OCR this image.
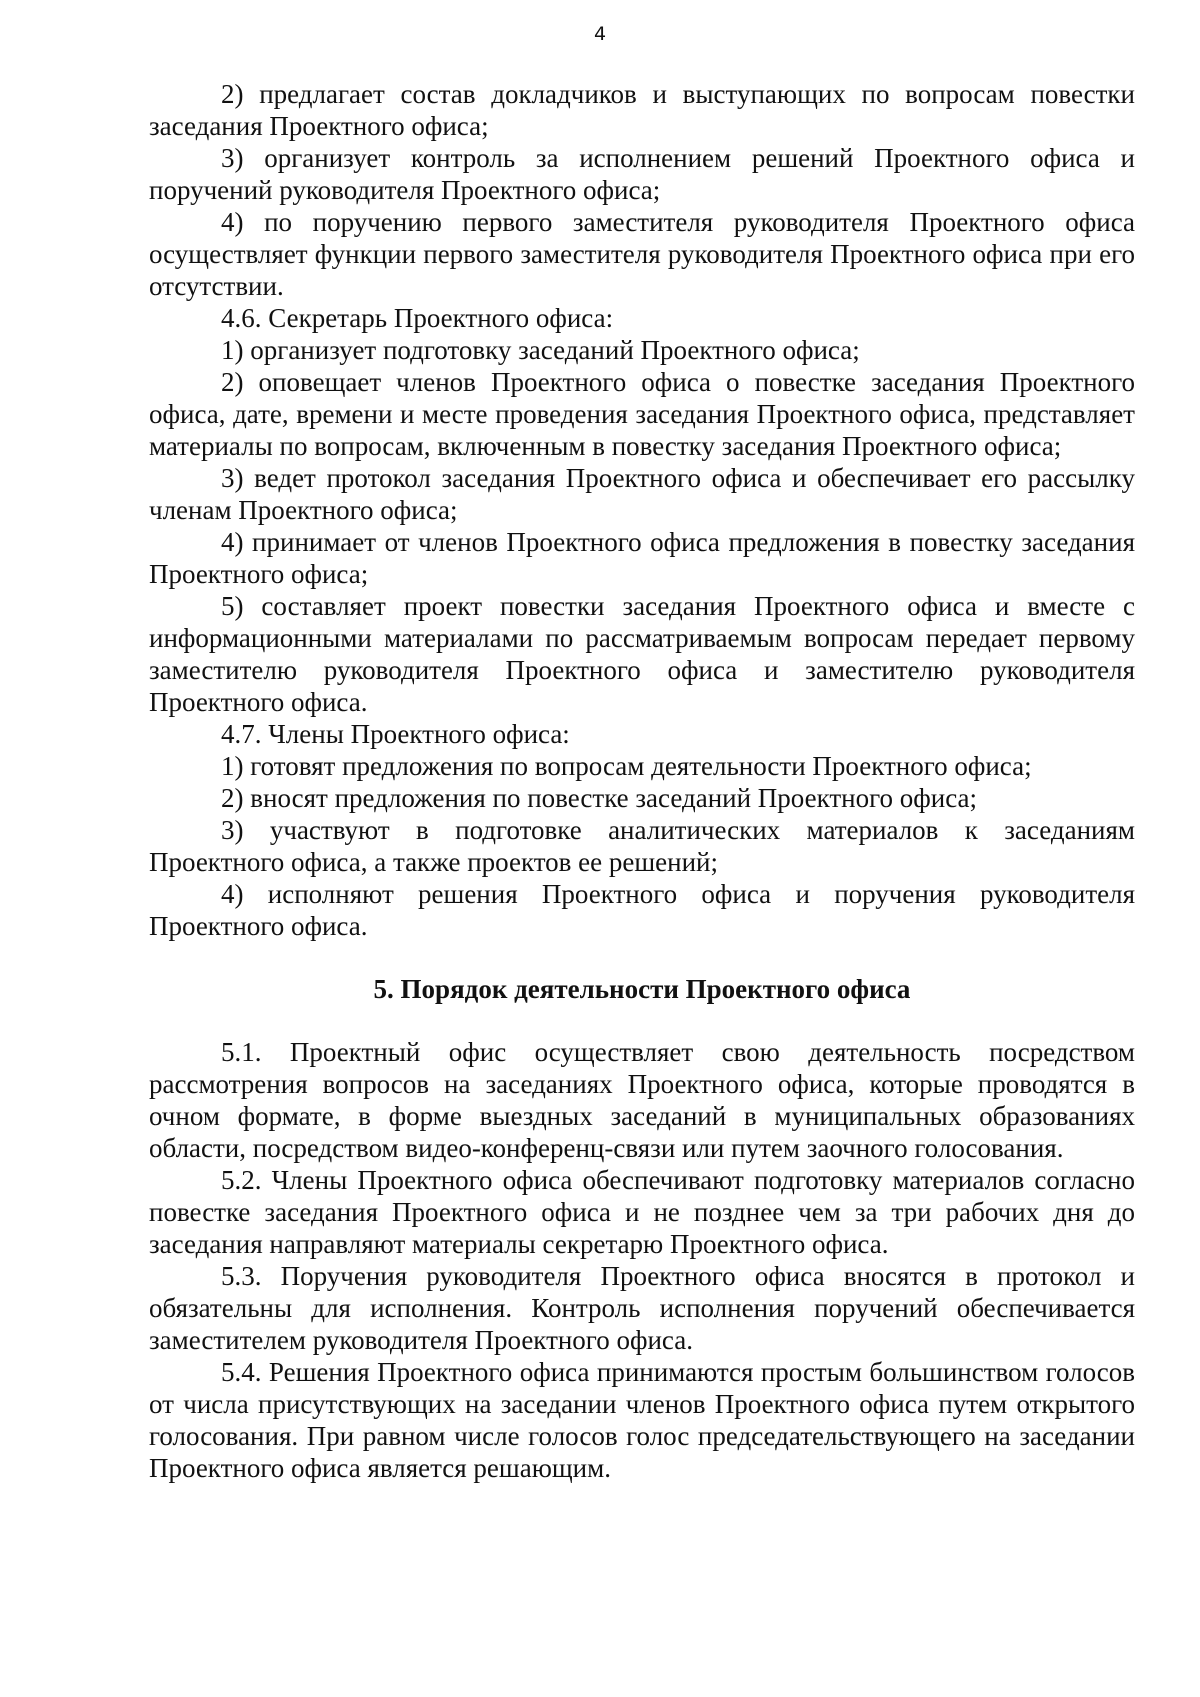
4

2) предлагает состав докладчиков и выступающих по вопросам повестки заседания Проектного офиса;

3) организует контроль за исполнением решений Проектного офиса и поручений руководителя Проектного офиса;

4) по поручению первого заместителя руководителя Проектного офиса осуществляет функции первого заместителя руководителя Проектного офиса при его отсутствии.

4.6. Секретарь Проектного офиса:

1) организует подготовку заседаний Проектного офиса;

2) оповещает членов Проектного офиса о повестке заседания Проектного офиса, дате, времени и месте проведения заседания Проектного офиса, представляет материалы по вопросам, включенным в повестку заседания Проектного офиса;

3) ведет протокол заседания Проектного офиса и обеспечивает его рассылку членам Проектного офиса;

4) принимает от членов Проектного офиса предложения в повестку заседания Проектного офиса;

5) составляет проект повестки заседания Проектного офиса и вместе с информационными материалами по рассматриваемым вопросам передает первому заместителю руководителя Проектного офиса и заместителю руководителя Проектного офиса.

4.7. Члены Проектного офиса:

1) готовят предложения по вопросам деятельности Проектного офиса;

2) вносят предложения по повестке заседаний Проектного офиса;

3) участвуют в подготовке аналитических материалов к заседаниям Проектного офиса, а также проектов ее решений;

4) исполняют решения Проектного офиса и поручения руководителя Проектного офиса.

5. Порядок деятельности Проектного офиса

5.1. Проектный офис осуществляет свою деятельность посредством рассмотрения вопросов на заседаниях Проектного офиса, которые проводятся в очном формате, в форме выездных заседаний в муниципальных образованиях области, посредством видео-конференц-связи или путем заочного голосования.

5.2. Члены Проектного офиса обеспечивают подготовку материалов согласно повестке заседания Проектного офиса и не позднее чем за три рабочих дня до заседания направляют материалы секретарю Проектного офиса.

5.3. Поручения руководителя Проектного офиса вносятся в протокол и обязательны для исполнения. Контроль исполнения поручений обеспечивается заместителем руководителя Проектного офиса.

5.4. Решения Проектного офиса принимаются простым большинством голосов от числа присутствующих на заседании членов Проектного офиса путем открытого голосования. При равном числе голосов голос председательствующего на заседании Проектного офиса является решающим.
